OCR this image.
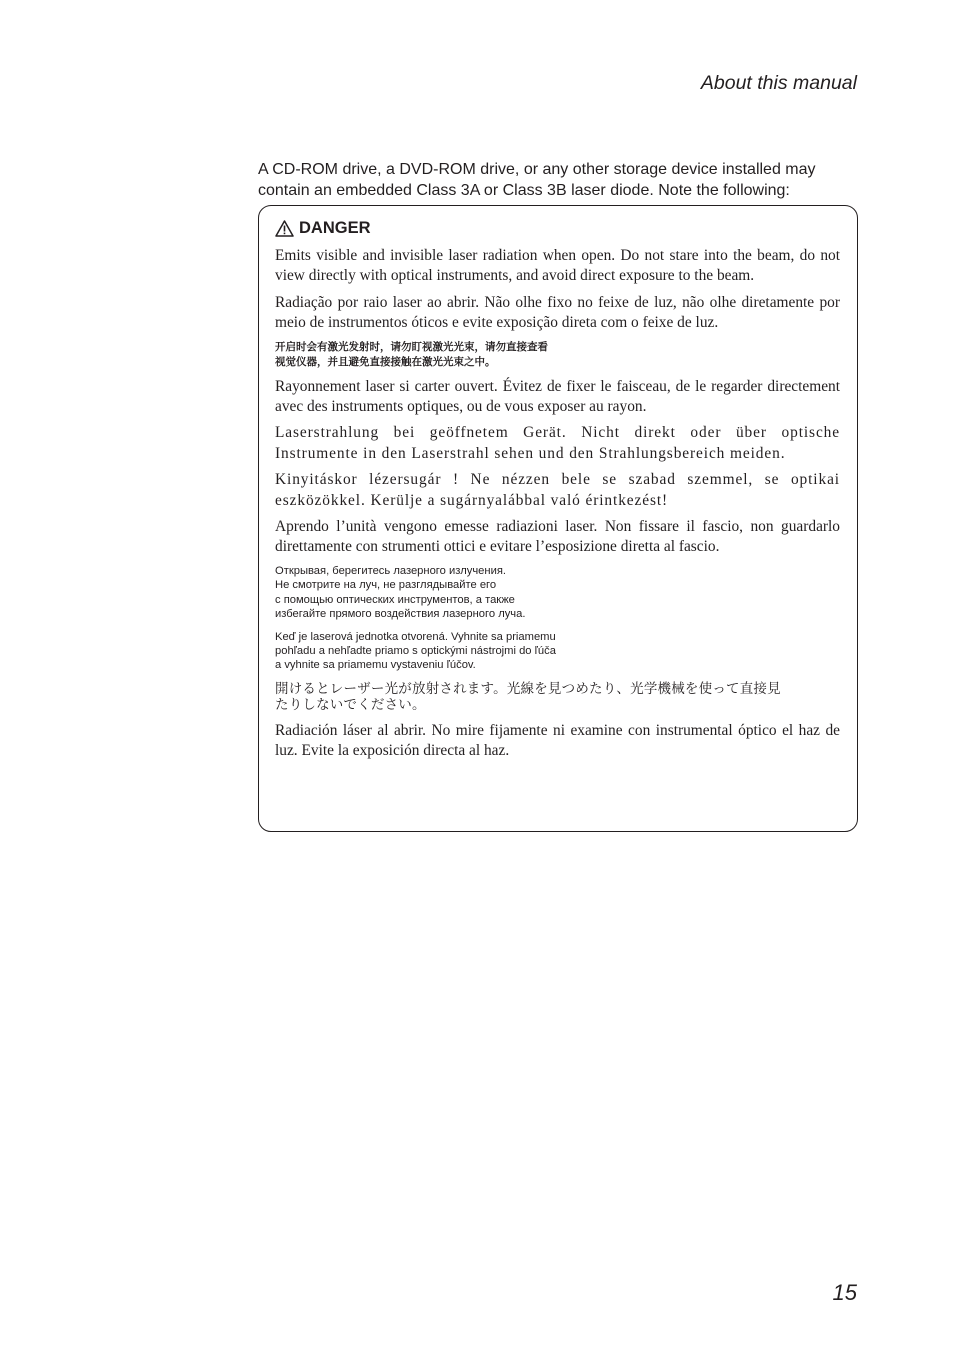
About this manual

A CD-ROM drive, a DVD-ROM drive, or any other storage device installed may contain an embedded Class 3A or Class 3B laser diode. Note the following:

DANGER

Emits visible and invisible laser radiation when open. Do not stare into the beam, do not view directly with optical instruments, and avoid direct exposure to the beam.

Radiação por raio laser ao abrir. Não olhe fixo no feixe de luz, não olhe diretamente por meio de instrumentos óticos e evite exposição direta com o feixe de luz.

开启时会有激光发射时，请勿盯视激光光束，请勿直接查看
视觉仪器，并且避免直接接触在激光光束之中。

Rayonnement laser si carter ouvert. Évitez de fixer le faisceau, de le regarder directement avec des instruments optiques, ou de vous exposer au rayon.

Laserstrahlung bei geöffnetem Gerät. Nicht direkt oder über optische Instrumente in den Laserstrahl sehen und den Strahlungsbereich meiden.

Kinyitáskor lézersugár ! Ne nézzen bele se szabad szemmel, se optikai eszközökkel. Kerülje a sugárnyalábbal való érintkezést!

Aprendo l’unità vengono emesse radiazioni laser. Non fissare il fascio, non guardarlo direttamente con strumenti ottici e evitare l’esposizione diretta al fascio.

Открывая, берегитесь лазерного излучения.
Не смотрите на луч, не разглядывайте его
с помощью оптических инструментов, а также
избегайте прямого воздействия лазерного луча.
Keď je laserová jednotka otvorená. Vyhnite sa priamemu
pohľadu a nehľadte priamo s optickými nástrojmi do ľúča
a vyhnite sa priamemu vystaveniu ľúčov.
開けるとレーザー光が放射されます。光線を見つめたり、光学機械を使って直接見
たりしないでください。

Radiación láser al abrir. No mire fijamente ni examine con instrumental óptico el haz de luz. Evite la exposición directa al haz.

15
